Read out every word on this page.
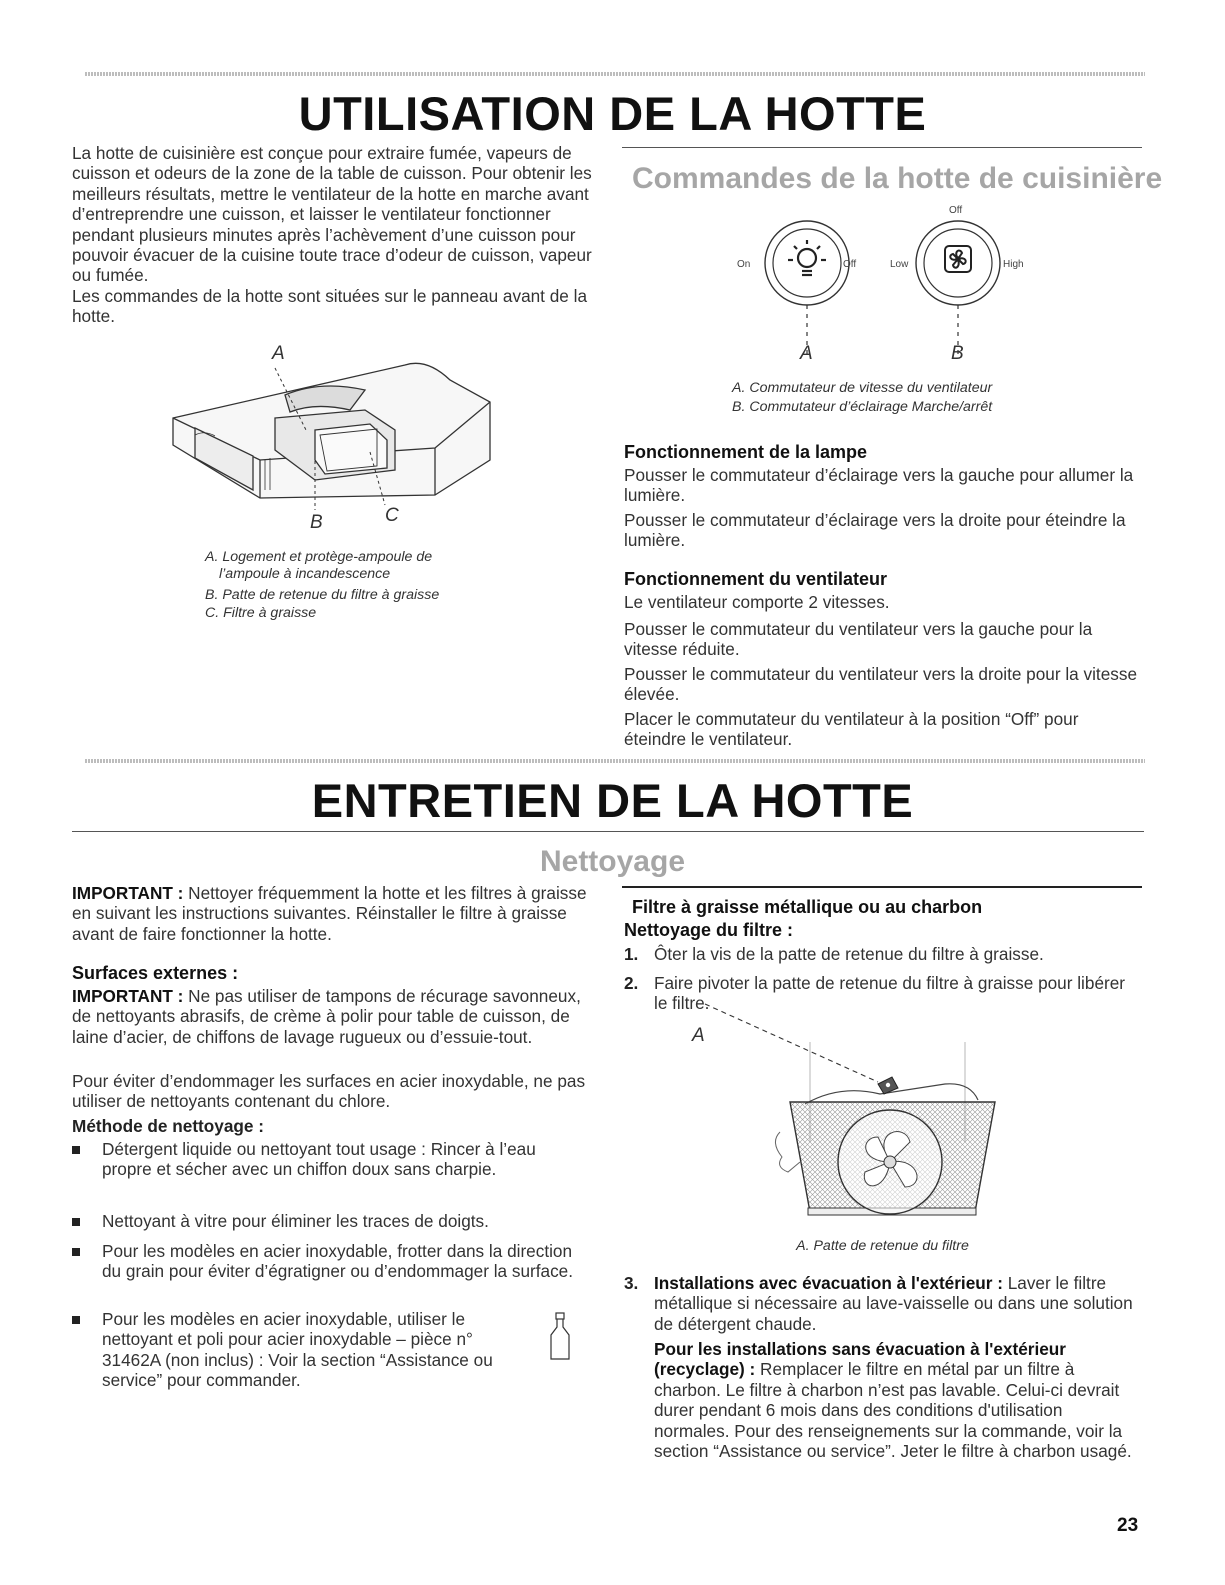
UTILISATION DE LA HOTTE

La hotte de cuisinière est conçue pour extraire fumée, vapeurs de cuisson et odeurs de la zone de la table de cuisson. Pour obtenir les meilleurs résultats, mettre le ventilateur de la hotte en marche avant d’entreprendre une cuisson, et laisser le ventilateur fonctionner pendant plusieurs minutes après l’achèvement d’une cuisson pour pouvoir évacuer de la cuisine toute trace d’odeur de cuisson, vapeur ou fumée.

Les commandes de la hotte sont situées sur le panneau avant de la hotte.

A
B	C

A. Logement et protège-ampoule de l’ampoule à incandescence

B. Patte de retenue du filtre à graisse

C. Filtre à graisse

Commandes de la hotte de cuisinière
On	Off
A
Low
Off
High
B

A. Commutateur de vitesse du ventilateur

B. Commutateur d’éclairage Marche/arrêt

Fonctionnement de la lampe

Pousser le commutateur d’éclairage vers la gauche pour allumer la lumière.

Pousser le commutateur d’éclairage vers la droite pour éteindre la lumière.

Fonctionnement du ventilateur

Le ventilateur comporte 2 vitesses.

Pousser le commutateur du ventilateur vers la gauche pour la vitesse réduite.

Pousser le commutateur du ventilateur vers la droite pour la vitesse élevée.

Placer le commutateur du ventilateur à la position “Off” pour éteindre le ventilateur.

ENTRETIEN DE LA HOTTE
Nettoyage

IMPORTANT : Nettoyer fréquemment la hotte et les filtres à graisse en suivant les instructions suivantes. Réinstaller le filtre à graisse avant de faire fonctionner la hotte.

Surfaces externes :

IMPORTANT : Ne pas utiliser de tampons de récurage savonneux, de nettoyants abrasifs, de crème à polir pour table de cuisson, de laine d’acier, de chiffons de lavage rugueux ou d’essuie-tout.

Pour éviter d’endommager les surfaces en acier inoxydable, ne pas utiliser de nettoyants contenant du chlore.

Méthode de nettoyage :

Détergent liquide ou nettoyant tout usage : Rincer à l’eau propre et sécher avec un chiffon doux sans charpie.

Nettoyant à vitre pour éliminer les traces de doigts.

Pour les modèles en acier inoxydable, frotter dans la direction du grain pour éviter d’égratigner ou d’endommager la surface.

Pour les modèles en acier inoxydable, utiliser le nettoyant et poli pour acier inoxydable – pièce n° 31462A (non inclus) : Voir la section “Assistance ou service” pour commander.

Filtre à graisse métallique ou au charbon
Nettoyage du filtre :
1. Ôter la vis de la patte de retenue du filtre à graisse.

2. Faire pivoter la patte de retenue du filtre à graisse pour libérer le filtre.

A

A. Patte de retenue du filtre

3. Installations avec évacuation à l'extérieur : Laver le filtre métallique si nécessaire au lave-vaisselle ou dans une solution de détergent chaude.

Pour les installations sans évacuation à l'extérieur (recyclage) : Remplacer le filtre en métal par un filtre à charbon. Le filtre à charbon n’est pas lavable. Celui-ci devrait durer pendant 6 mois dans des conditions d'utilisation normales. Pour des renseignements sur la commande, voir la section “Assistance ou service”. Jeter le filtre à charbon usagé.

23
